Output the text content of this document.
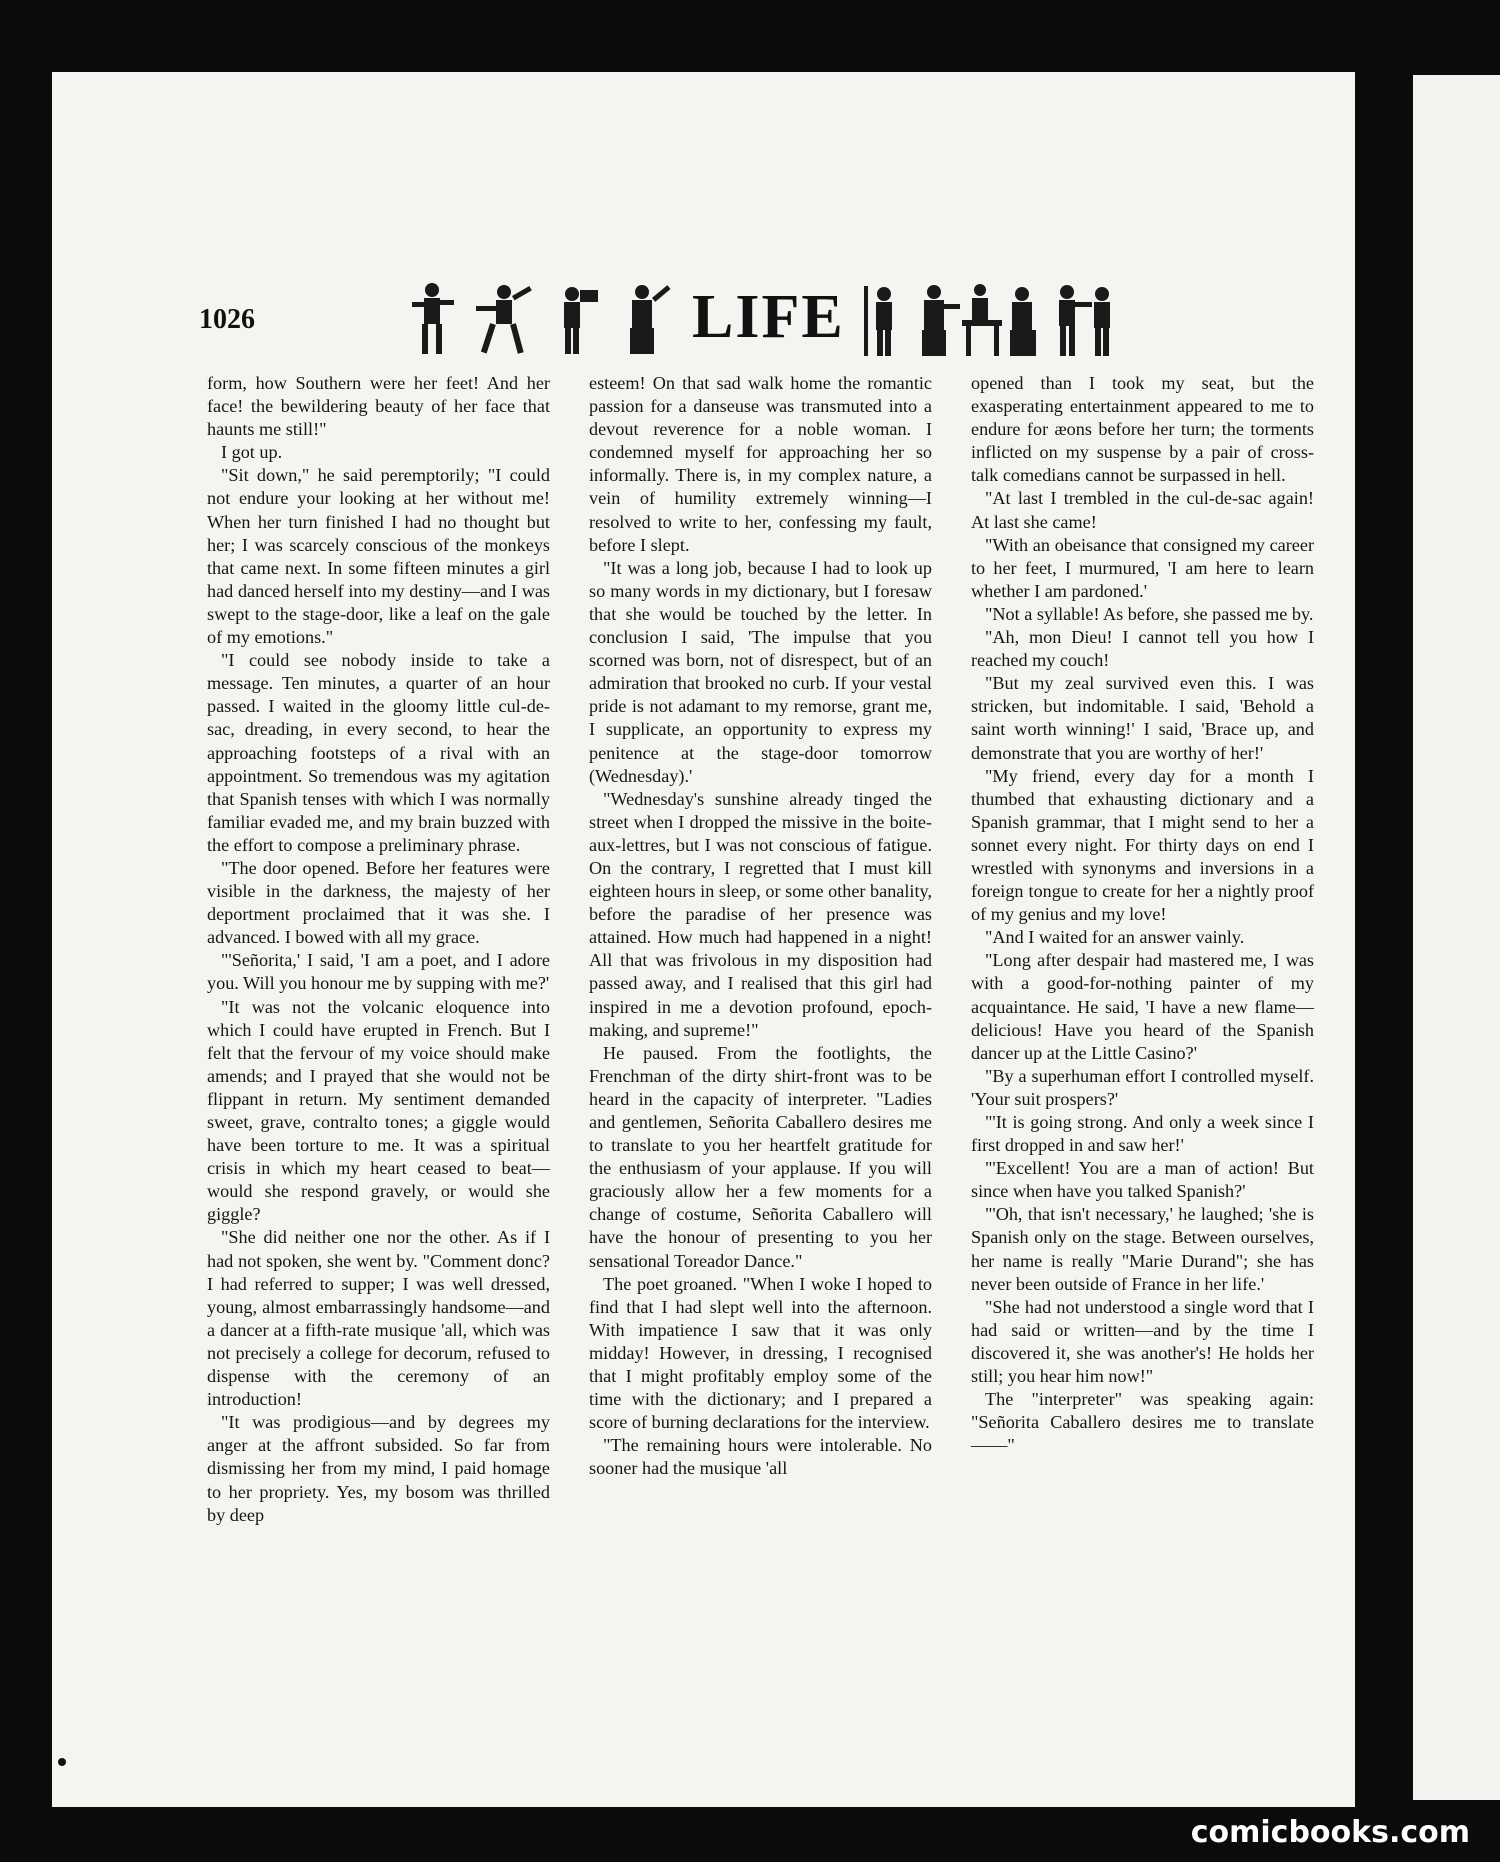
1026	LIFE

form, how Southern were her feet! And her face! the bewildering beauty of her face that haunts me still!"

I got up.

"Sit down," he said peremptorily; "I could not endure your looking at her without me! When her turn finished I had no thought but her; I was scarcely conscious of the monkeys that came next. In some fifteen minutes a girl had danced herself into my destiny—and I was swept to the stage-door, like a leaf on the gale of my emotions."

"I could see nobody inside to take a message. Ten minutes, a quarter of an hour passed. I waited in the gloomy little cul-de-sac, dreading, in every second, to hear the approaching footsteps of a rival with an appointment. So tremendous was my agitation that Spanish tenses with which I was normally familiar evaded me, and my brain buzzed with the effort to compose a preliminary phrase.

"The door opened. Before her features were visible in the darkness, the majesty of her deportment proclaimed that it was she. I advanced. I bowed with all my grace.

"'Señorita,' I said, 'I am a poet, and I adore you. Will you honour me by supping with me?'

"It was not the volcanic eloquence into which I could have erupted in French. But I felt that the fervour of my voice should make amends; and I prayed that she would not be flippant in return. My sentiment demanded sweet, grave, contralto tones; a giggle would have been torture to me. It was a spiritual crisis in which my heart ceased to beat—would she respond gravely, or would she giggle?

"She did neither one nor the other. As if I had not spoken, she went by. "Comment donc? I had referred to supper; I was well dressed, young, almost embarrassingly handsome—and a dancer at a fifth-rate musique 'all, which was not precisely a college for decorum, refused to dispense with the ceremony of an introduction!

"It was prodigious—and by degrees my anger at the affront subsided. So far from dismissing her from my mind, I paid homage to her propriety. Yes, my bosom was thrilled by deep

esteem! On that sad walk home the romantic passion for a danseuse was transmuted into a devout reverence for a noble woman. I condemned myself for approaching her so informally. There is, in my complex nature, a vein of humility extremely winning—I resolved to write to her, confessing my fault, before I slept.

"It was a long job, because I had to look up so many words in my dictionary, but I foresaw that she would be touched by the letter. In conclusion I said, 'The impulse that you scorned was born, not of disrespect, but of an admiration that brooked no curb. If your vestal pride is not adamant to my remorse, grant me, I supplicate, an opportunity to express my penitence at the stage-door tomorrow (Wednesday).'

"Wednesday's sunshine already tinged the street when I dropped the missive in the boite-aux-lettres, but I was not conscious of fatigue. On the contrary, I regretted that I must kill eighteen hours in sleep, or some other banality, before the paradise of her presence was attained. How much had happened in a night! All that was frivolous in my disposition had passed away, and I realised that this girl had inspired in me a devotion profound, epoch-making, and supreme!"

He paused. From the footlights, the Frenchman of the dirty shirt-front was to be heard in the capacity of interpreter. "Ladies and gentlemen, Señorita Caballero desires me to translate to you her heartfelt gratitude for the enthusiasm of your applause. If you will graciously allow her a few moments for a change of costume, Señorita Caballero will have the honour of presenting to you her sensational Toreador Dance."

The poet groaned. "When I woke I hoped to find that I had slept well into the afternoon. With impatience I saw that it was only midday! However, in dressing, I recognised that I might profitably employ some of the time with the dictionary; and I prepared a score of burning declarations for the interview.

"The remaining hours were intolerable. No sooner had the musique 'all

opened than I took my seat, but the exasperating entertainment appeared to me to endure for æons before her turn; the torments inflicted on my suspense by a pair of cross-talk comedians cannot be surpassed in hell.

"At last I trembled in the cul-de-sac again! At last she came!

"With an obeisance that consigned my career to her feet, I murmured, 'I am here to learn whether I am pardoned.'

"Not a syllable! As before, she passed me by.

"Ah, mon Dieu! I cannot tell you how I reached my couch!

"But my zeal survived even this. I was stricken, but indomitable. I said, 'Behold a saint worth winning!' I said, 'Brace up, and demonstrate that you are worthy of her!'

"My friend, every day for a month I thumbed that exhausting dictionary and a Spanish grammar, that I might send to her a sonnet every night. For thirty days on end I wrestled with synonyms and inversions in a foreign tongue to create for her a nightly proof of my genius and my love!

"And I waited for an answer vainly.

"Long after despair had mastered me, I was with a good-for-nothing painter of my acquaintance. He said, 'I have a new flame—delicious! Have you heard of the Spanish dancer up at the Little Casino?'

"By a superhuman effort I controlled myself. 'Your suit prospers?'

"'It is going strong. And only a week since I first dropped in and saw her!'

"'Excellent! You are a man of action! But since when have you talked Spanish?'

"'Oh, that isn't necessary,' he laughed; 'she is Spanish only on the stage. Between ourselves, her name is really "Marie Durand"; she has never been outside of France in her life.'

"She had not understood a single word that I had said or written—and by the time I discovered it, she was another's! He holds her still; you hear him now!"

The "interpreter" was speaking again: "Señorita Caballero desires me to translate——"

comicbooks.com
